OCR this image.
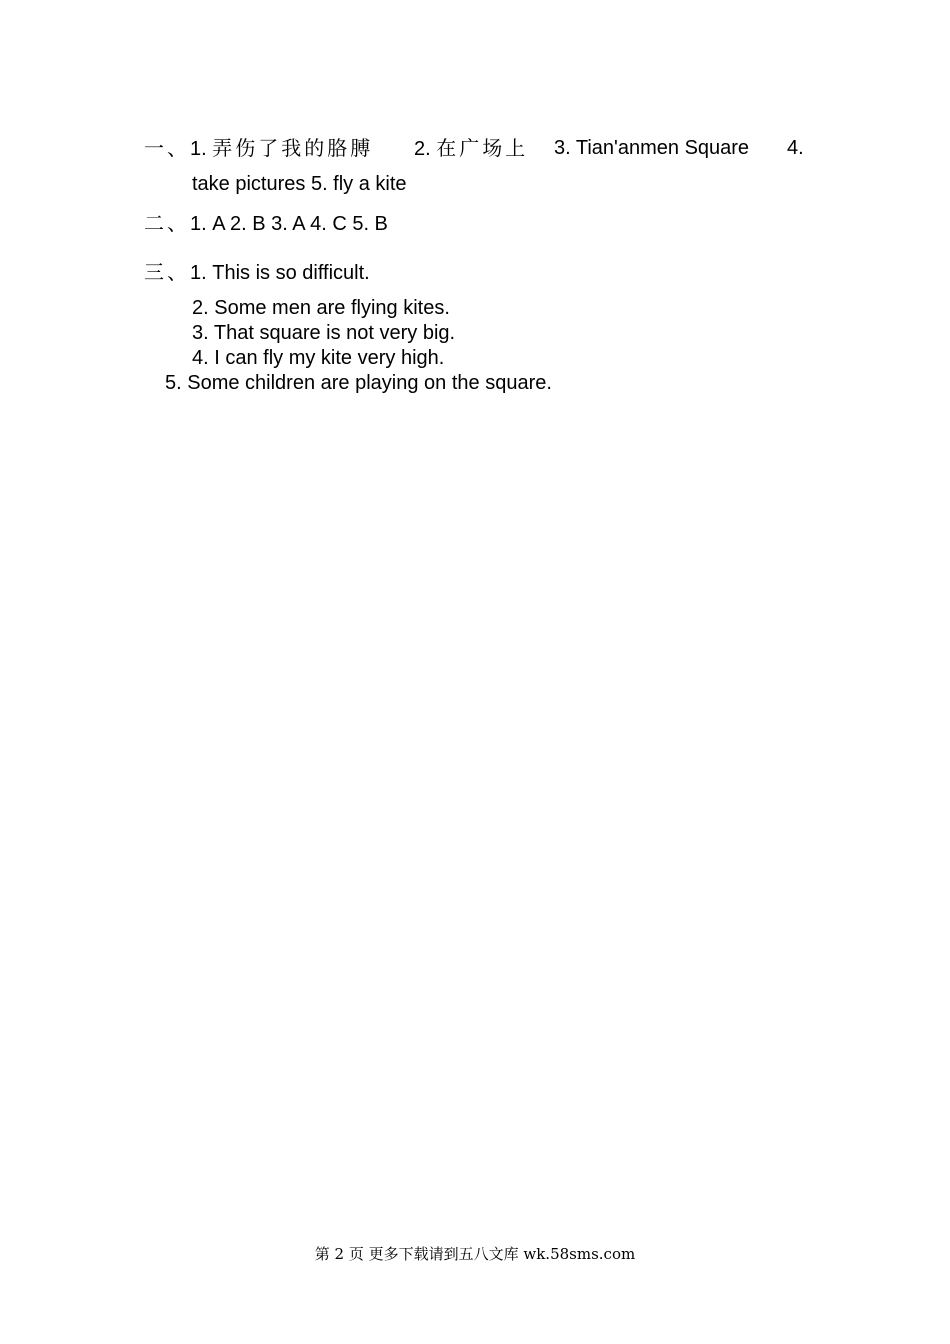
一、1. 弄伤了我的胳膊 2. 在广场上 3. Tian'anmen Square 4.
take pictures 5. fly a kite
二、1. A 2. B 3. A 4. C 5. B
三、1. This is so difficult.
2. Some men are flying kites.
3. That square is not very big.
4. I can fly my kite very high.
5. Some children are playing on the square.
第 2 页 更多下载请到五八文库 wk.58sms.com
